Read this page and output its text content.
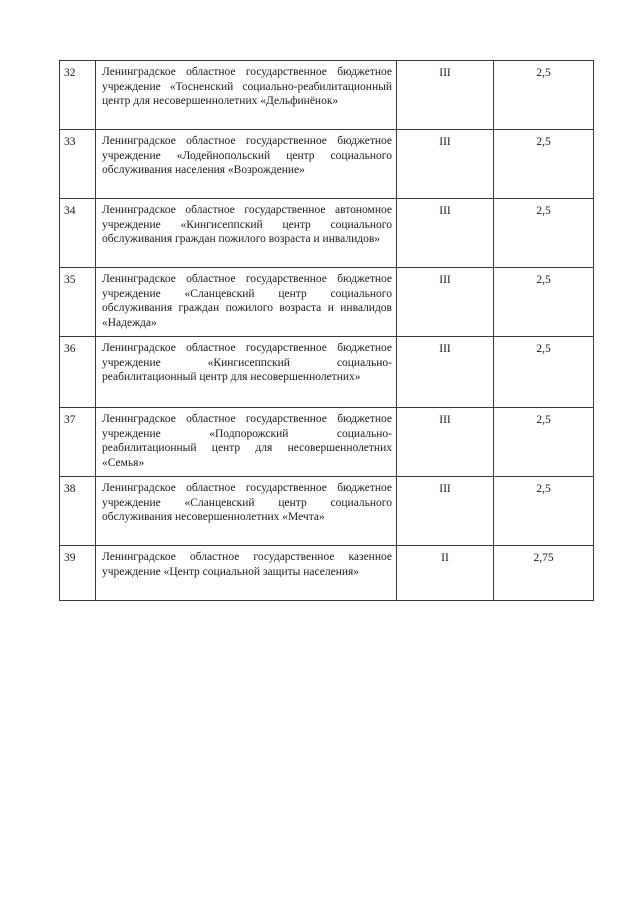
32	Ленинградское областное государственное бюджетное учреждение «Тосненский социально-реабилитационный центр для несовершеннолетних «Дельфинёнок»	III	2,5
33	Ленинградское областное государственное бюджетное учреждение «Лодейнопольский центр социального обслуживания населения «Возрождение»	III	2,5
34	Ленинградское областное государственное автономное учреждение «Кингисеппский центр социального обслуживания граждан пожилого возраста и инвалидов»	III	2,5
35	Ленинградское областное государственное бюджетное учреждение «Сланцевский центр социального обслуживания граждан пожилого возраста и инвалидов «Надежда»	III	2,5
36	Ленинградское областное государственное бюджетное учреждение «Кингисеппский социально-реабилитационный центр для несовершеннолетних»	III	2,5
37	Ленинградское областное государственное бюджетное учреждение «Подпорожский социально-реабилитационный центр для несовершеннолетних «Семья»	III	2,5
38	Ленинградское областное государственное бюджетное учреждение «Сланцевский центр социального обслуживания несовершеннолетних «Мечта»	III	2,5
39	Ленинградское областное государственное казенное учреждение «Центр социальной защиты населения»	II	2,75
